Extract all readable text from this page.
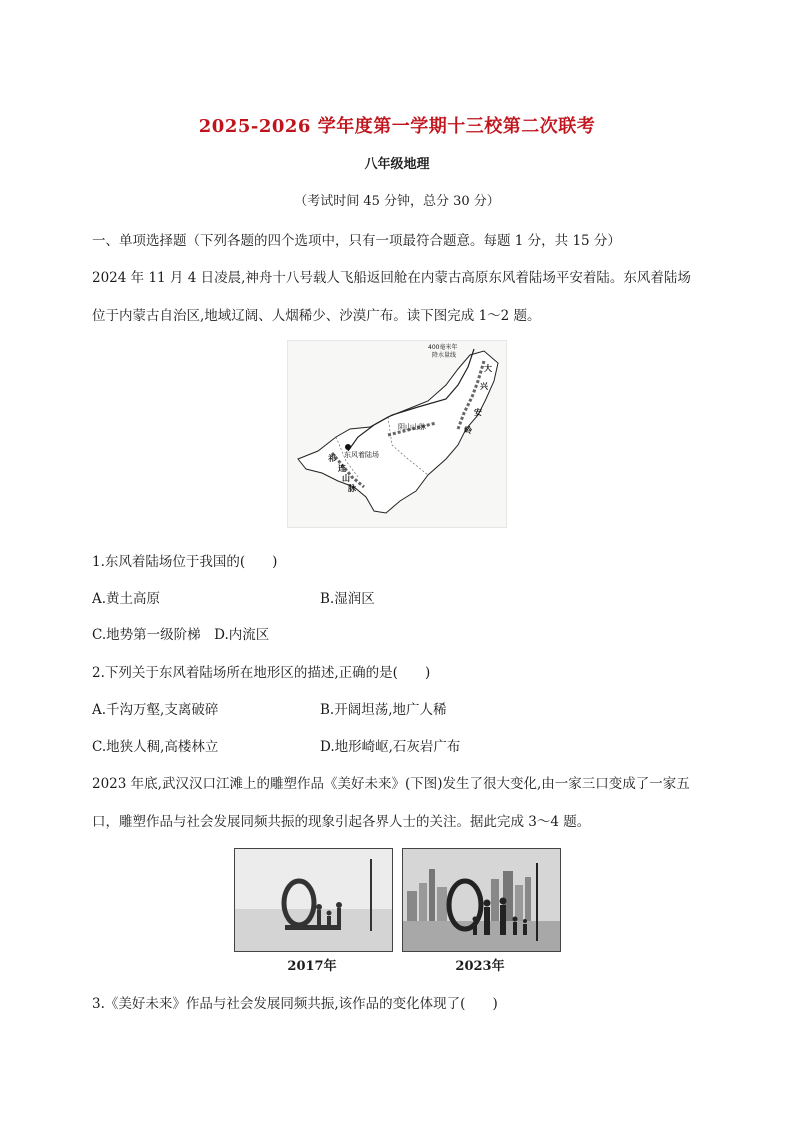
2025-2026 学年度第一学期十三校第二次联考
八年级地理
（考试时间 45 分钟，总分 30 分）
一、单项选择题（下列各题的四个选项中，只有一项最符合题意。每题 1 分，共 15 分）
2024 年 11 月 4 日凌晨,神舟十八号载人飞船返回舱在内蒙古高原东风着陆场平安着陆。东风着陆场
位于内蒙古自治区,地域辽阔、人烟稀少、沙漠广布。读下图完成 1～2 题。
400毫米年
降水量线
大
兴
安
岭
阴山山脉
东风着陆场
祁
连
山
脉
1.东风着陆场位于我国的(　　)
A.黄土高原	B.湿润区
C.地势第一级阶梯　D.内流区
2.下列关于东风着陆场所在地形区的描述,正确的是(　　)
A.千沟万壑,支离破碎	B.开阔坦荡,地广人稀
C.地狭人稠,高楼林立	D.地形崎岖,石灰岩广布
2023 年底,武汉汉口江滩上的雕塑作品《美好未来》(下图)发生了很大变化,由一家三口变成了一家五
口，雕塑作品与社会发展同频共振的现象引起各界人士的关注。据此完成 3～4 题。
2017年	2023年
3.《美好未来》作品与社会发展同频共振,该作品的变化体现了(　　)
